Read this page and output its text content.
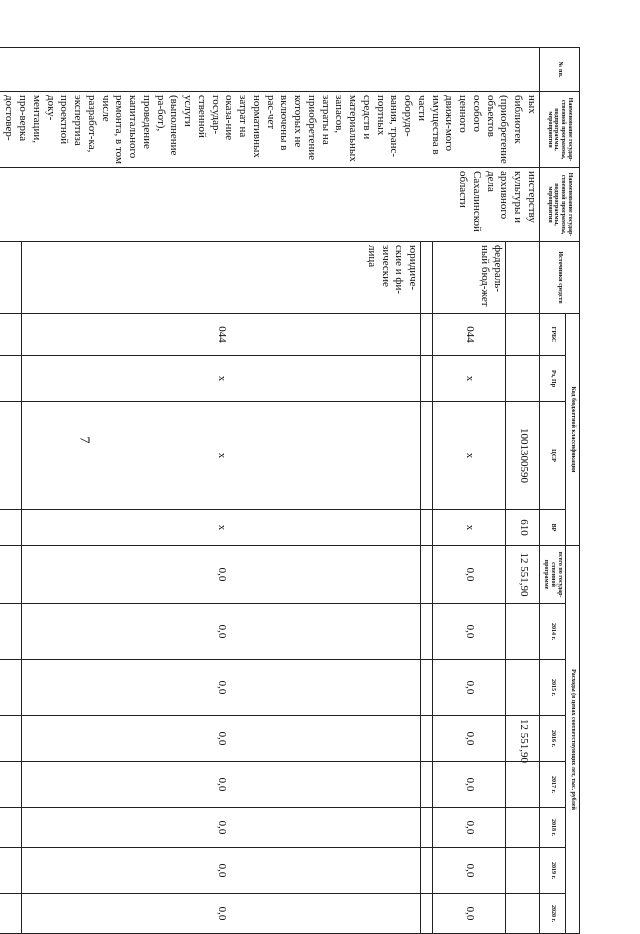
7
№ пп.	Наименование государ-ственной программы, подпрограммы, мероприятия	Наименование государ-ственной программы, подпрограммы, мероприятия	Источники средств	Код бюджетной классификации				Расходы (в ценах соответствующих лет, тыс. рублей							
				ГРБС	Рз, Пр	ЦСР	ВР	всего по государ-ственной программе	2014 г.	2015 г.	2016 г.	2017 г.	2018 г.	2019 г.	2020 г.
	ных библиотек (приобретение объектов особого ценного движи-мого имущества в части оборудо-вания, транс-портных средств и материальных запасов, затраты на приобретение которых не включены в рас-чет нормативных затрат на оказа-ние государ-ственной услуги (выполнение ра-бот), проведение капитального ремонта, в том числе разработ-ка, экспертиза проектной доку-ментации, про-верка достовер-	инстерству культуры и архивного дела Сахалинской области				1001300590	610	12 551,90			12 551,90				
			федераль-ный бюд-жет	044	х	х	х	0,0	0,0	0,0	0,0	0,0	0,0	0,0	0,0

			юридиче-ские и фи-зические лица	044	х	х	х	0,0	0,0	0,0	0,0	0,0	0,0	0,0	0,0
